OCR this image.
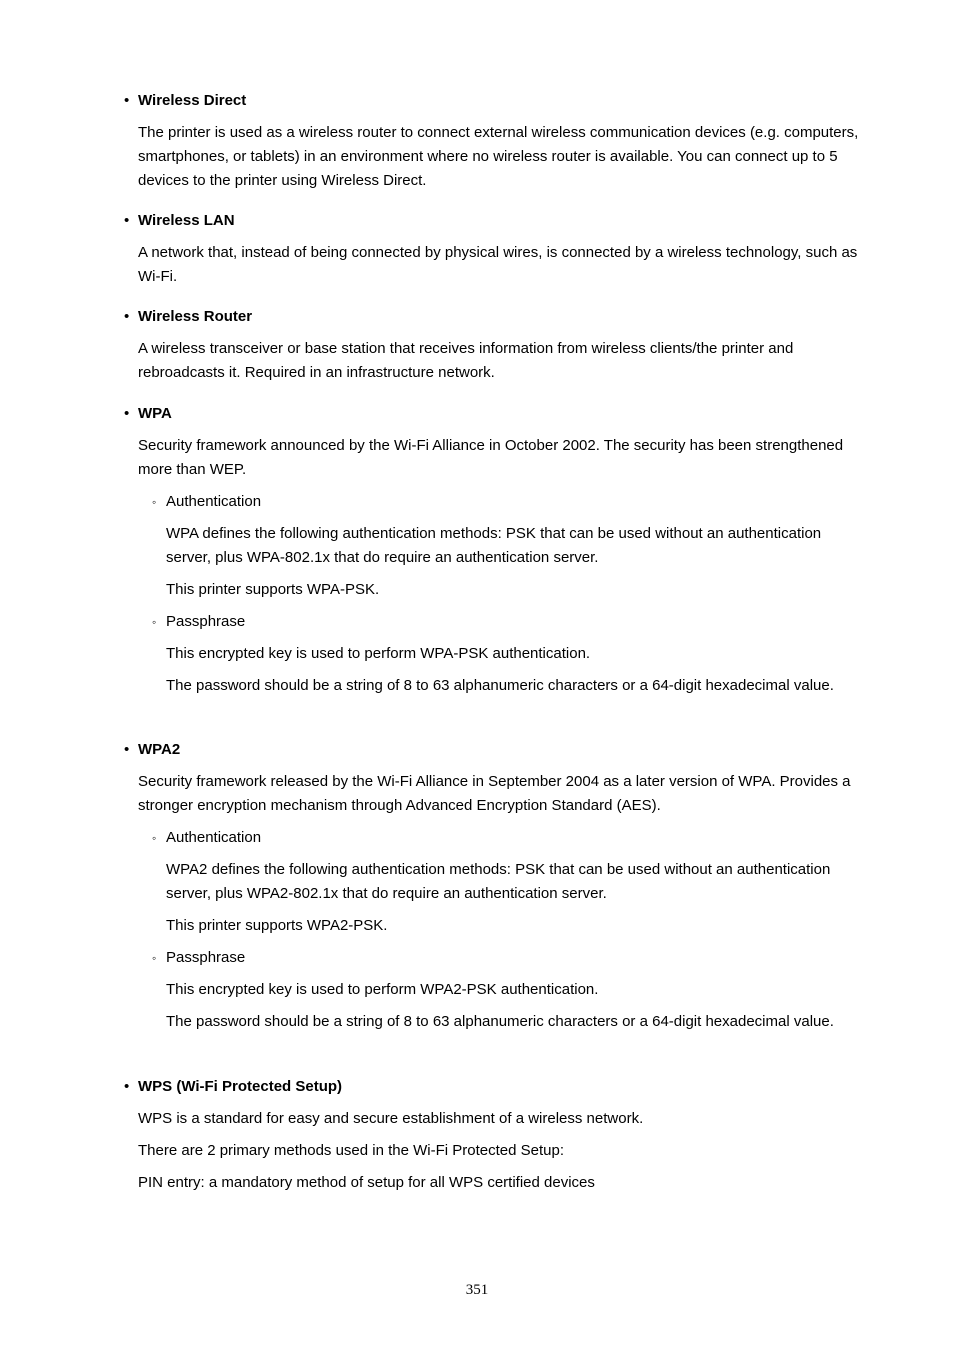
• Wireless Direct
The printer is used as a wireless router to connect external wireless communication devices (e.g. computers, smartphones, or tablets) in an environment where no wireless router is available. You can connect up to 5 devices to the printer using Wireless Direct.
• Wireless LAN
A network that, instead of being connected by physical wires, is connected by a wireless technology, such as Wi-Fi.
• Wireless Router
A wireless transceiver or base station that receives information from wireless clients/the printer and rebroadcasts it. Required in an infrastructure network.
• WPA
Security framework announced by the Wi-Fi Alliance in October 2002. The security has been strengthened more than WEP.
◦ Authentication
WPA defines the following authentication methods: PSK that can be used without an authentication server, plus WPA-802.1x that do require an authentication server.
This printer supports WPA-PSK.
◦ Passphrase
This encrypted key is used to perform WPA-PSK authentication.
The password should be a string of 8 to 63 alphanumeric characters or a 64-digit hexadecimal value.
• WPA2
Security framework released by the Wi-Fi Alliance in September 2004 as a later version of WPA. Provides a stronger encryption mechanism through Advanced Encryption Standard (AES).
◦ Authentication
WPA2 defines the following authentication methods: PSK that can be used without an authentication server, plus WPA2-802.1x that do require an authentication server.
This printer supports WPA2-PSK.
◦ Passphrase
This encrypted key is used to perform WPA2-PSK authentication.
The password should be a string of 8 to 63 alphanumeric characters or a 64-digit hexadecimal value.
• WPS (Wi-Fi Protected Setup)
WPS is a standard for easy and secure establishment of a wireless network.
There are 2 primary methods used in the Wi-Fi Protected Setup:
PIN entry: a mandatory method of setup for all WPS certified devices
351
